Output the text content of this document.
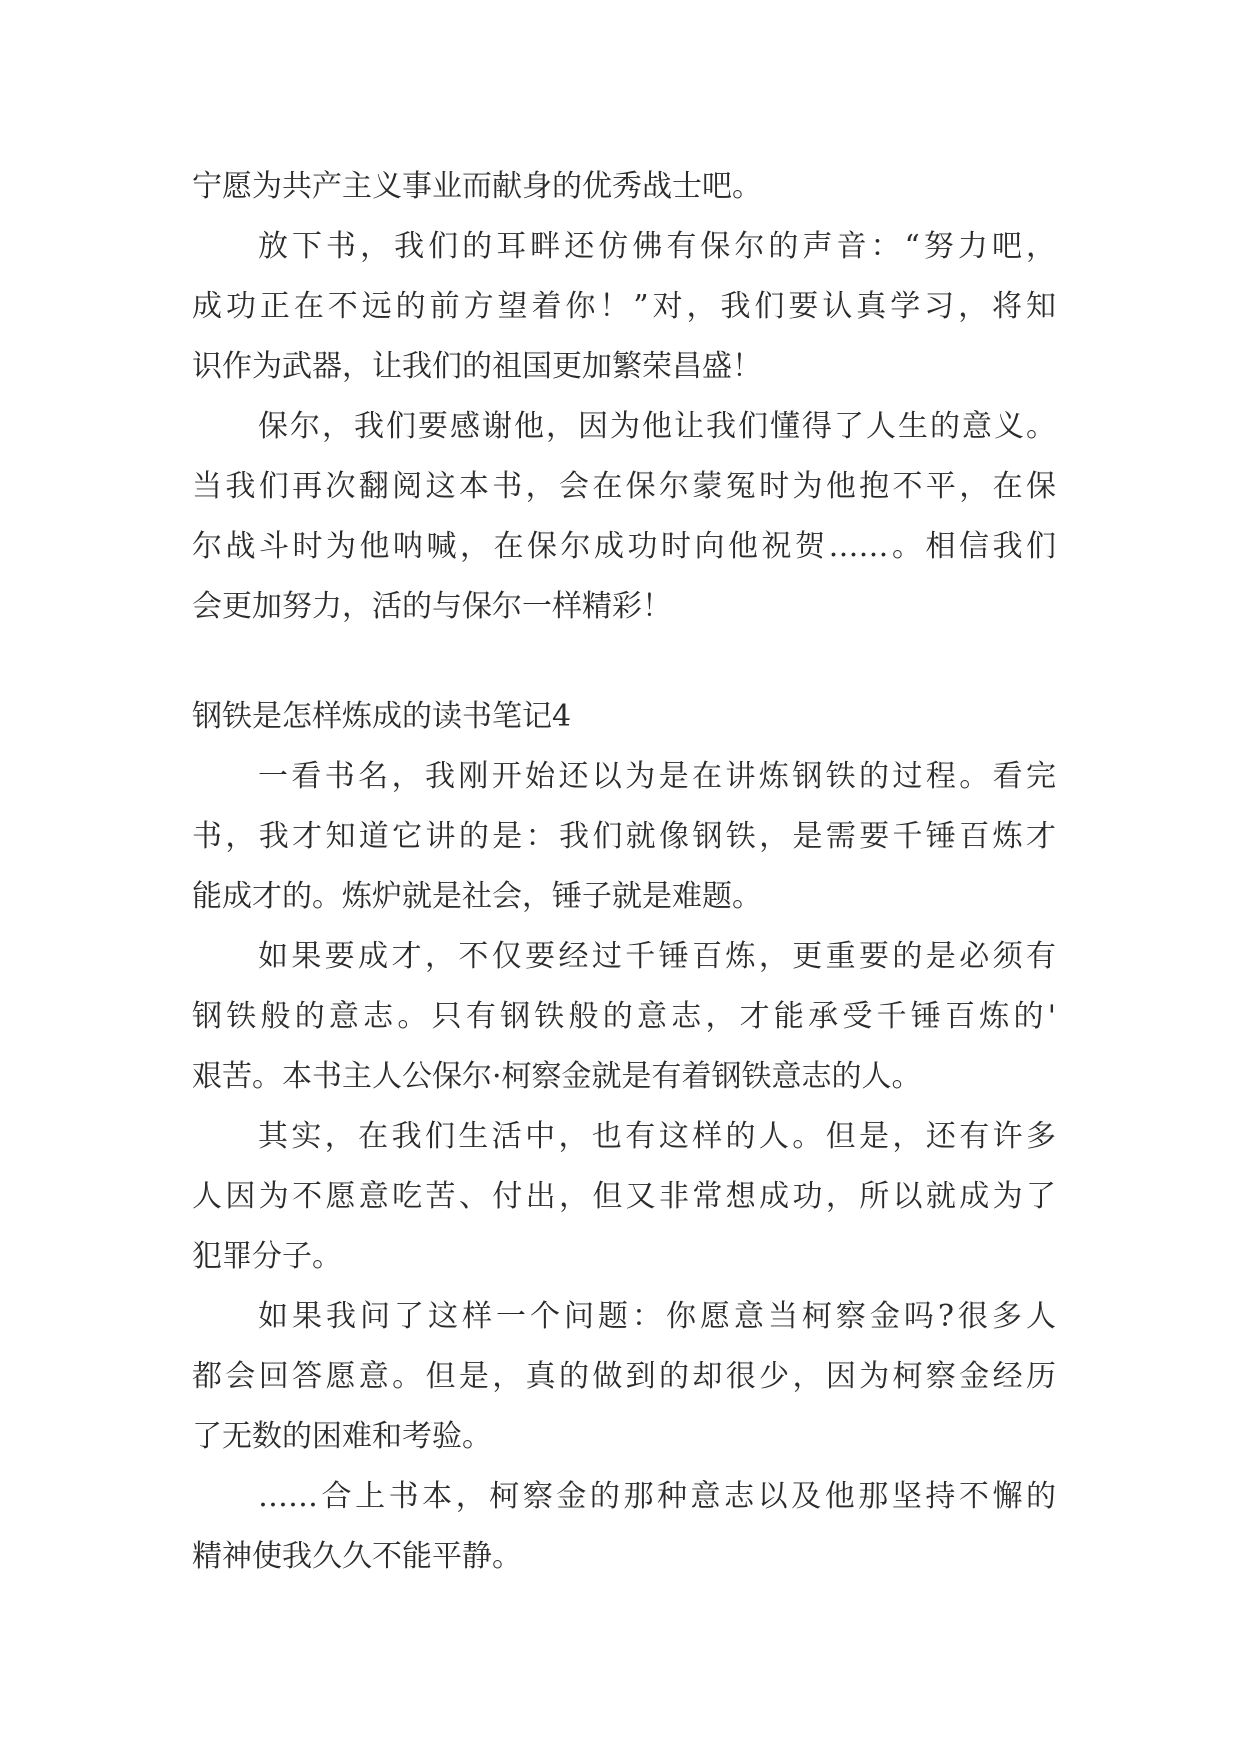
宁愿为共产主义事业而献身的优秀战士吧。
放下书，我们的耳畔还仿佛有保尔的声音：“努力吧，
成功正在不远的前方望着你！”对，我们要认真学习，将知
识作为武器，让我们的祖国更加繁荣昌盛！
保尔，我们要感谢他，因为他让我们懂得了人生的意义。
当我们再次翻阅这本书，会在保尔蒙冤时为他抱不平，在保
尔战斗时为他呐喊，在保尔成功时向他祝贺……。相信我们
会更加努力，活的与保尔一样精彩！
钢铁是怎样炼成的读书笔记4
一看书名，我刚开始还以为是在讲炼钢铁的过程。看完
书，我才知道它讲的是：我们就像钢铁，是需要千锤百炼才
能成才的。炼炉就是社会，锤子就是难题。
如果要成才，不仅要经过千锤百炼，更重要的是必须有
钢铁般的意志。只有钢铁般的意志，才能承受千锤百炼的'
艰苦。本书主人公保尔·柯察金就是有着钢铁意志的人。
其实，在我们生活中，也有这样的人。但是，还有许多
人因为不愿意吃苦、付出，但又非常想成功，所以就成为了
犯罪分子。
如果我问了这样一个问题：你愿意当柯察金吗?很多人
都会回答愿意。但是，真的做到的却很少，因为柯察金经历
了无数的困难和考验。
……合上书本，柯察金的那种意志以及他那坚持不懈的
精神使我久久不能平静。
